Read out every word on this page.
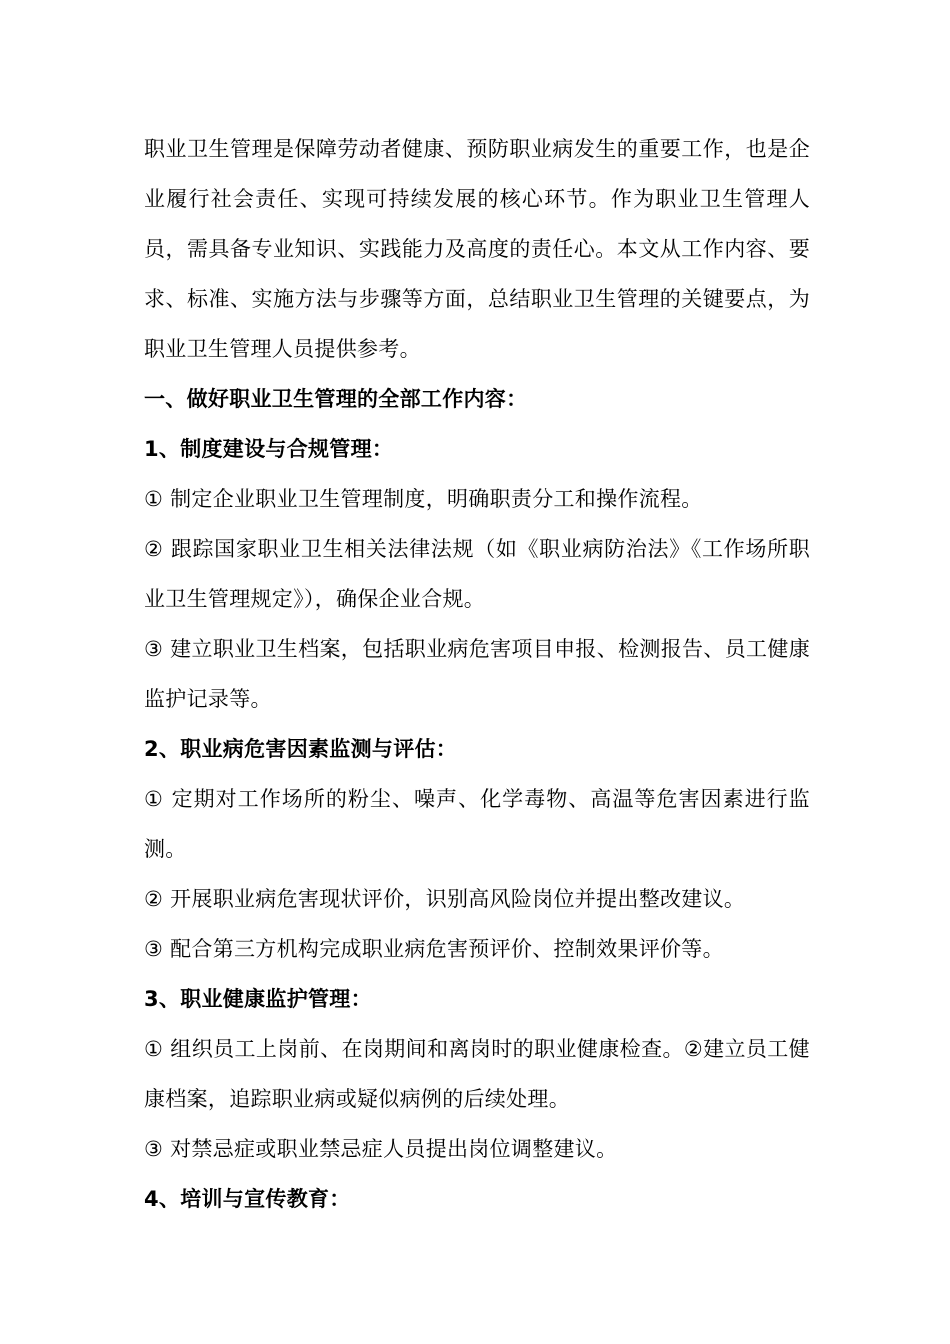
职业卫生管理是保障劳动者健康、预防职业病发生的重要工作，也是企业履行社会责任、实现可持续发展的核心环节。作为职业卫生管理人员，需具备专业知识、实践能力及高度的责任心。本文从工作内容、要求、标准、实施方法与步骤等方面，总结职业卫生管理的关键要点，为职业卫生管理人员提供参考。

一、做好职业卫生管理的全部工作内容：

1、制度建设与合规管理：

① 制定企业职业卫生管理制度，明确职责分工和操作流程。

② 跟踪国家职业卫生相关法律法规（如《职业病防治法》《工作场所职业卫生管理规定》），确保企业合规。

③ 建立职业卫生档案，包括职业病危害项目申报、检测报告、员工健康监护记录等。

2、职业病危害因素监测与评估：

① 定期对工作场所的粉尘、噪声、化学毒物、高温等危害因素进行监测。

② 开展职业病危害现状评价，识别高风险岗位并提出整改建议。

③ 配合第三方机构完成职业病危害预评价、控制效果评价等。

3、职业健康监护管理：

① 组织员工上岗前、在岗期间和离岗时的职业健康检查。②建立员工健康档案，追踪职业病或疑似病例的后续处理。

③ 对禁忌症或职业禁忌症人员提出岗位调整建议。

4、培训与宣传教育：
